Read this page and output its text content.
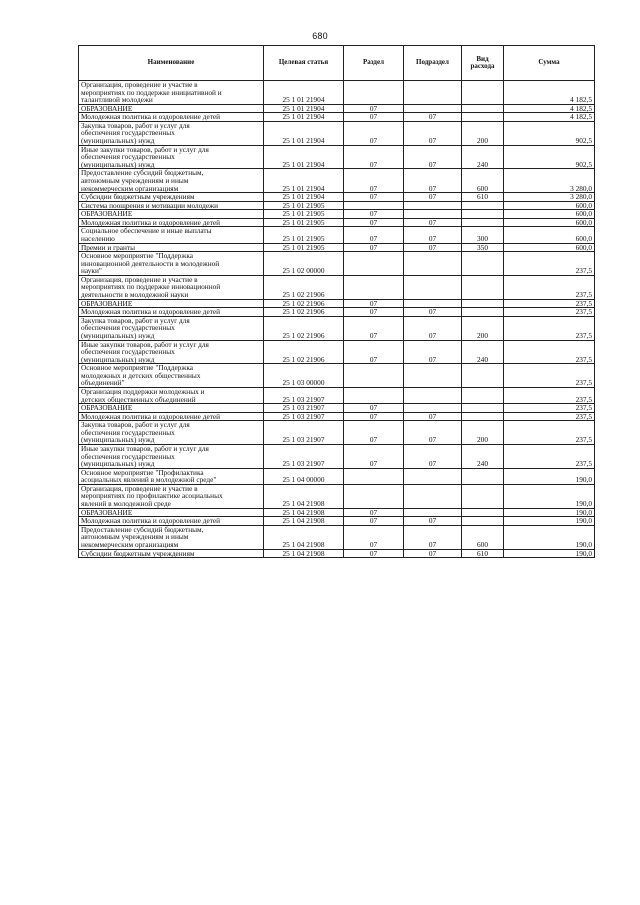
680
Наименование	Целевая статья	Раздел	Подраздел	Вид расхода	Сумма
Организация, проведение и участие в
мероприятиях по поддержке инициативной и
талантливой молодежи	25 1 01 21904				4 182,5
ОБРАЗОВАНИЕ	25 1 01 21904	07			4 182,5
Молодежная политика и оздоровление детей	25 1 01 21904	07	07		4 182,5
Закупка товаров, работ и услуг для
обеспечения государственных
(муниципальных) нужд	25 1 01 21904	07	07	200	902,5
Иные закупки товаров, работ и услуг для
обеспечения государственных
(муниципальных) нужд	25 1 01 21904	07	07	240	902,5
Предоставление субсидий бюджетным,
автономным учреждениям и иным
некоммерческим организациям	25 1 01 21904	07	07	600	3 280,0
Субсидии бюджетным учреждениям	25 1 01 21904	07	07	610	3 280,0
Система поощрения и мотивации молодежи	25 1 01 21905				600,0
ОБРАЗОВАНИЕ	25 1 01 21905	07			600,0
Молодежная политика и оздоровление детей	25 1 01 21905	07	07		600,0
Социальное обеспечение и иные выплаты
населению	25 1 01 21905	07	07	300	600,0
Премии и гранты	25 1 01 21905	07	07	350	600,0
Основное мероприятие "Поддержка
инновационной деятельности в молодежной
науки"	25 1 02 00000				237,5
Организация, проведение и участие в
мероприятиях по поддержке инновационной
деятельности в молодежной науки	25 1 02 21906				237,5
ОБРАЗОВАНИЕ	25 1 02 21906	07			237,5
Молодежная политика и оздоровление детей	25 1 02 21906	07	07		237,5
Закупка товаров, работ и услуг для
обеспечения государственных
(муниципальных) нужд	25 1 02 21906	07	07	200	237,5
Иные закупки товаров, работ и услуг для
обеспечения государственных
(муниципальных) нужд	25 1 02 21906	07	07	240	237,5
Основное мероприятие "Поддержка
молодежных и детских общественных
объединений"	25 1 03 00000				237,5
Организация поддержки молодежных и
детских общественных объединений	25 1 03 21907				237,5
ОБРАЗОВАНИЕ	25 1 03 21907	07			237,5
Молодежная политика и оздоровление детей	25 1 03 21907	07	07		237,5
Закупка товаров, работ и услуг для
обеспечения государственных
(муниципальных) нужд	25 1 03 21907	07	07	200	237,5
Иные закупки товаров, работ и услуг для
обеспечения государственных
(муниципальных) нужд	25 1 03 21907	07	07	240	237,5
Основное мероприятие "Профилактика
асоциальных явлений в молодежной среде"	25 1 04 00000				190,0
Организация, проведение и участие в
мероприятиях по профилактике асоциальных
явлений в молодежной среде	25 1 04 21908				190,0
ОБРАЗОВАНИЕ	25 1 04 21908	07			190,0
Молодежная политика и оздоровление детей	25 1 04 21908	07	07		190,0
Предоставление субсидий бюджетным,
автономным учреждениям и иным
некоммерческим организациям	25 1 04 21908	07	07	600	190,0
Субсидии бюджетным учреждениям	25 1 04 21908	07	07	610	190,0
